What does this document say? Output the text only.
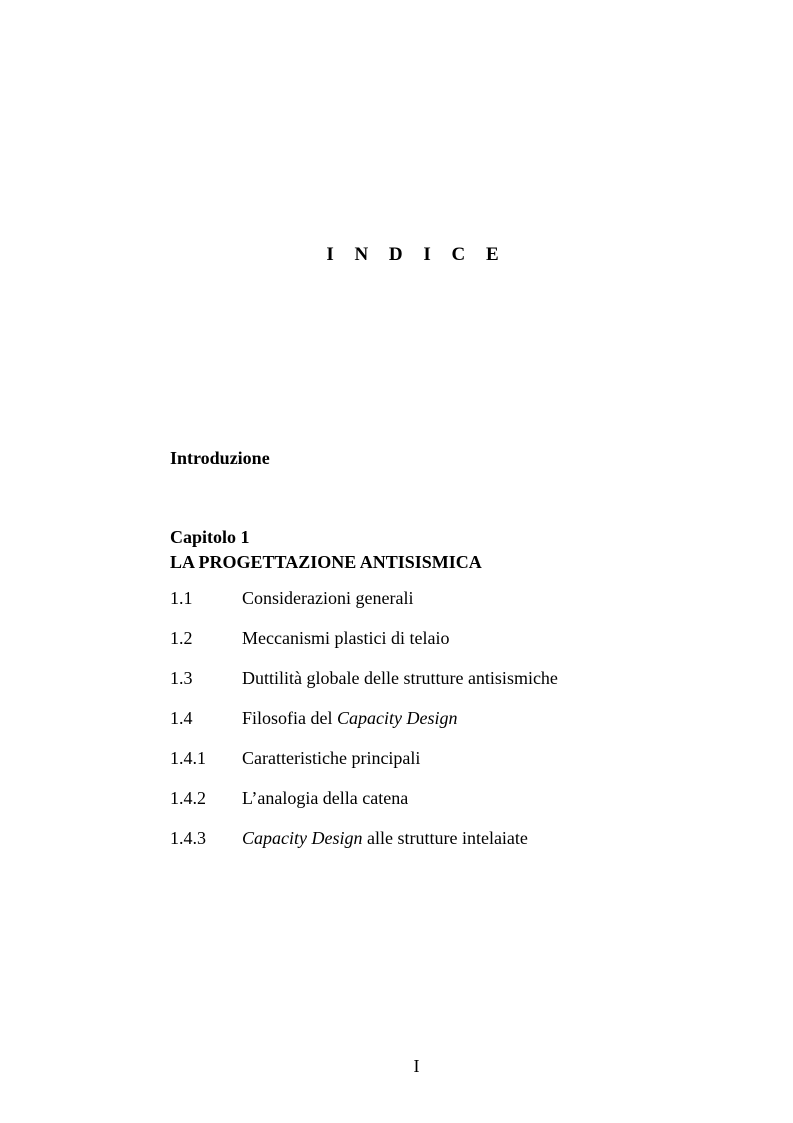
I N D I C E
Introduzione
Capitolo 1
LA PROGETTAZIONE ANTISISMICA
1.1	Considerazioni generali
1.2	Meccanismi plastici di telaio
1.3	Duttilità globale delle strutture antisismiche
1.4	Filosofia del Capacity Design
1.4.1	Caratteristiche principali
1.4.2	L’analogia della catena
1.4.3	Capacity Design alle strutture intelaiate
I
